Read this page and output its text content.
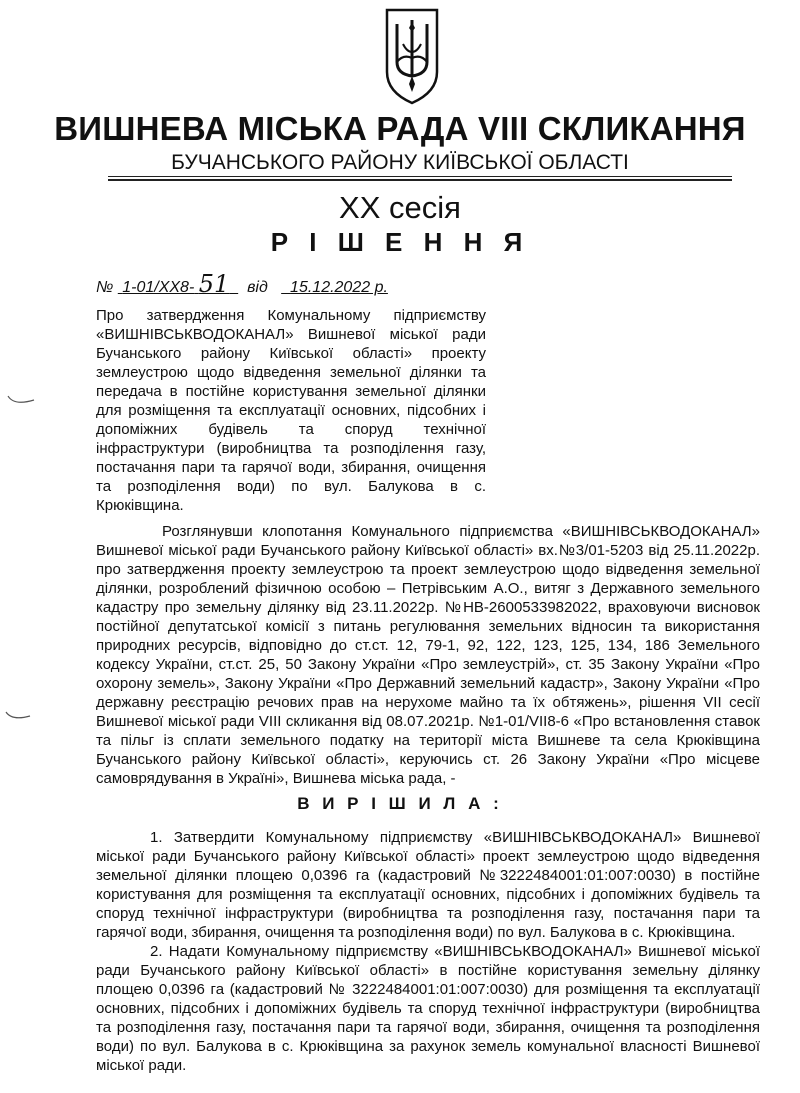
ВИШНЕВА МІСЬКА РАДА VIII СКЛИКАННЯ
БУЧАНСЬКОГО РАЙОНУ КИЇВСЬКОЇ ОБЛАСТІ
ХХ сесія
Р І Ш Е Н Н Я
№ 1-01/XX8- 51 від 15.12.2022 р.
Про затвердження Комунальному підприємству «ВИШНІВСЬКВОДОКАНАЛ» Вишневої міської ради Бучанського району Київської області» проекту землеустрою щодо відведення земельної ділянки та передача в постійне користування земельної ділянки для розміщення та експлуатації основних, підсобних і допоміжних будівель та споруд технічної інфраструктури (виробництва та розподілення газу, постачання пари та гарячої води, збирання, очищення та розподілення води) по вул. Балукова в с. Крюківщина.
Розглянувши клопотання Комунального підприємства «ВИШНІВСЬКВОДОКАНАЛ» Вишневої міської ради Бучанського району Київської області» вх.№3/01-5203 від 25.11.2022р. про затвердження проекту землеустрою та проект землеустрою щодо відведення земельної ділянки, розроблений фізичною особою – Петрівським А.О., витяг з Державного земельного кадастру про земельну ділянку від 23.11.2022р. №НВ-2600533982022, враховуючи висновок постійної депутатської комісії з питань регулювання земельних відносин та використання природних ресурсів, відповідно до ст.ст. 12, 79-1, 92, 122, 123, 125, 134, 186 Земельного кодексу України, ст.ст. 25, 50 Закону України «Про землеустрій», ст. 35 Закону України «Про охорону земель», Закону України «Про Державний земельний кадастр», Закону України «Про державну реєстрацію речових прав на нерухоме майно та їх обтяжень», рішення VII сесії Вишневої міської ради VIII скликання від 08.07.2021р. №1-01/VII8-6 «Про встановлення ставок та пільг із сплати земельного податку на території міста Вишневе та села Крюківщина Бучанського району Київської області», керуючись ст. 26 Закону України «Про місцеве самоврядування в Україні», Вишнева міська рада, -
В И Р І Ш И Л А :
1. Затвердити Комунальному підприємству «ВИШНІВСЬКВОДОКАНАЛ» Вишневої міської ради Бучанського району Київської області» проект землеустрою щодо відведення земельної ділянки площею 0,0396 га (кадастровий №3222484001:01:007:0030) в постійне користування для розміщення та експлуатації основних, підсобних і допоміжних будівель та споруд технічної інфраструктури (виробництва та розподілення газу, постачання пари та гарячої води, збирання, очищення та розподілення води) по вул. Балукова в с. Крюківщина.
2. Надати Комунальному підприємству «ВИШНІВСЬКВОДОКАНАЛ» Вишневої міської ради Бучанського району Київської області» в постійне користування земельну ділянку площею 0,0396 га (кадастровий № 3222484001:01:007:0030) для розміщення та експлуатації основних, підсобних і допоміжних будівель та споруд технічної інфраструктури (виробництва та розподілення газу, постачання пари та гарячої води, збирання, очищення та розподілення води) по вул. Балукова в с. Крюківщина за рахунок земель комунальної власності Вишневої міської ради.
